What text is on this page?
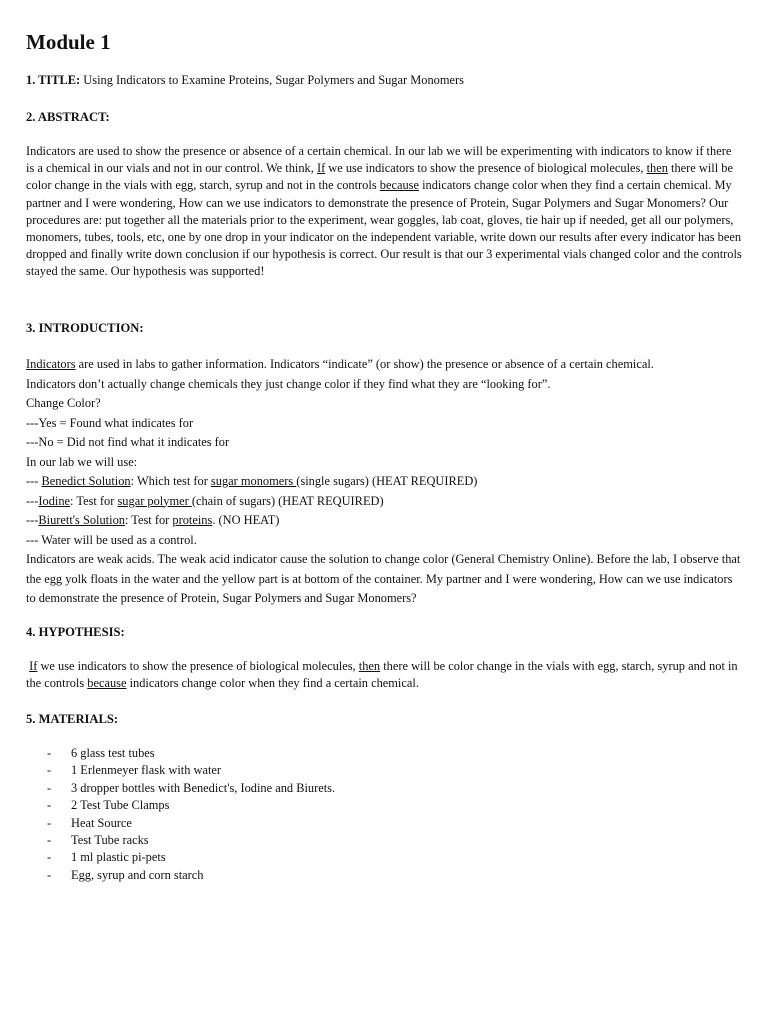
Module 1

1. TITLE: Using Indicators to Examine Proteins, Sugar Polymers and Sugar Monomers

2. ABSTRACT:

Indicators are used to show the presence or absence of a certain chemical. In our lab we will be experimenting with indicators to know if there is a chemical in our vials and not in our control. We think, If we use indicators to show the presence of biological molecules, then there will be color change in the vials with egg, starch, syrup and not in the controls because indicators change color when they find a certain chemical. My partner and I were wondering, How can we use indicators to demonstrate the presence of Protein, Sugar Polymers and Sugar Monomers? Our procedures are: put together all the materials prior to the experiment, wear goggles, lab coat, gloves, tie hair up if needed, get all our polymers, monomers, tubes, tools, etc, one by one drop in your indicator on the independent variable, write down our results after every indicator has been dropped and finally write down conclusion if our hypothesis is correct. Our result is that our 3 experimental vials changed color and the controls stayed the same. Our hypothesis was supported!

3. INTRODUCTION:
Indicators are used in labs to gather information. Indicators “indicate” (or show) the presence or absence of a certain chemical.
Indicators don’t actually change chemicals they just change color if they find what they are “looking for”.
Change Color?
---Yes = Found what indicates for
---No = Did not find what it indicates for
In our lab we will use:
--- Benedict Solution: Which test for sugar monomers (single sugars) (HEAT REQUIRED)
---Iodine: Test for sugar polymer (chain of sugars) (HEAT REQUIRED)
---Biurett's Solution: Test for proteins. (NO HEAT)
--- Water will be used as a control.

Indicators are weak acids. The weak acid indicator cause the solution to change color (General Chemistry Online). Before the lab, I observe that the egg yolk floats in the water and the yellow part is at bottom of the container. My partner and I were wondering, How can we use indicators to demonstrate the presence of Protein, Sugar Polymers and Sugar Monomers?

4. HYPOTHESIS:

If we use indicators to show the presence of biological molecules, then there will be color change in the vials with egg, starch, syrup and not in the controls because indicators change color when they find a certain chemical.

5. MATERIALS:
- 6 glass test tubes
- 1 Erlenmeyer flask with water
- 3 dropper bottles with Benedict's, Iodine and Biurets.
- 2 Test Tube Clamps
- Heat Source
- Test Tube racks
- 1 ml plastic pi-pets
- Egg, syrup and corn starch
